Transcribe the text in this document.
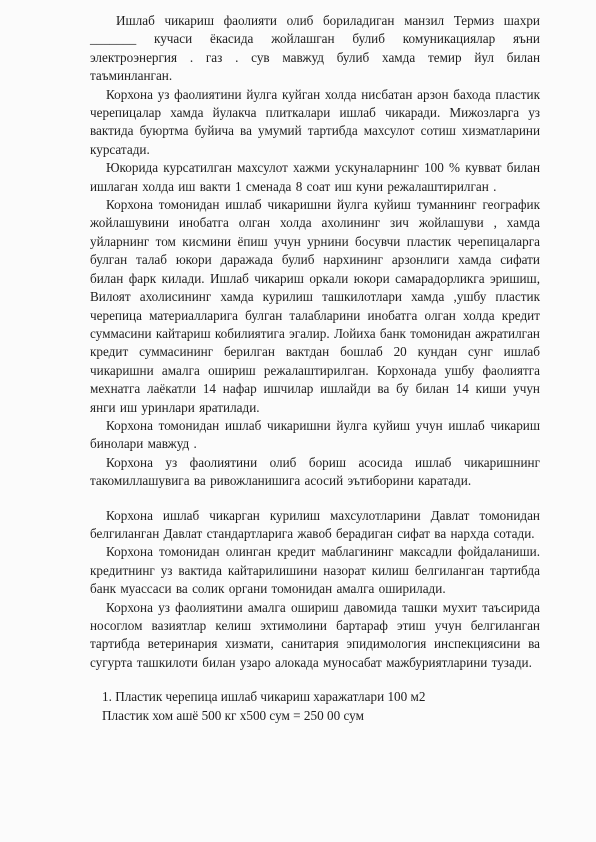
Ишлаб чикариш фаолияти олиб бориладиган манзил Термиз шахри _______ кучаси ёкасида жойлашган булиб комуникациялар яъни электроэнергия . газ . сув мавжуд булиб хамда темир йул билан таъминланган.

Корхона уз фаолиятини йулга куйган холда нисбатан арзон бахода пластик черепицалар хамда йулакча плиткалари ишлаб чикаради. Мижозларга уз вактида буюртма буйича ва умумий тартибда махсулот сотиш хизматларини курсатади.

Юкорида курсатилган махсулот хажми ускуналарнинг 100 % кувват билан ишлаган холда иш вакти 1 сменада 8 соат иш куни режалаштирилган .

Корхона томонидан ишлаб чикаришни йулга куйиш туманнинг географик жойлашувини инобатга олган холда ахолининг зич жойлашуви , хамда уйларнинг том кисмини ёпиш учун урнини босувчи пластик черепицаларга булган талаб юкори даражада булиб нархининг арзонлиги хамда сифати билан фарк килади. Ишлаб чикариш оркали юкори самарадорликга эришиш, Вилоят ахолисининг хамда курилиш ташкилотлари хамда ,ушбу пластик черепица материалларига булган талабларини инобатга олган холда кредит суммасини кайтариш кобилиятига эгалир. Лойиха банк томонидан ажратилган кредит суммасининг берилган вактдан бошлаб 20 кундан сунг ишлаб чикаришни амалга ошириш режалаштирилган. Корхонада ушбу фаолиятга мехнатга лаёкатли 14 нафар ишчилар ишлайди ва бу билан 14 киши учун янги иш уринлари яратилади.

Корхона томонидан ишлаб чикаришни йулга куйиш учун ишлаб чикариш бинолари мавжуд .

Корхона уз фаолиятини олиб бориш асосида ишлаб чикаришнинг такомиллашувига ва ривожланишига асосий эътиборини каратади.

Корхона ишлаб чикарган курилиш махсулотларини Давлат томонидан белгиланган Давлат стандартларига жавоб берадиган сифат ва нархда сотади.

Корхона томонидан олинган кредит маблагининг максадли фойдаланиши. кредитнинг уз вактида кайтарилишини назорат килиш белгиланган тартибда банк муассаси ва солик органи томонидан амалга оширилади.

Корхона уз фаолиятини амалга ошириш давомида ташки мухит таъсирида носоглом вазиятлар келиш эхтимолини бартараф этиш учун белгиланган тартибда ветеринария хизмати, санитария эпидимология инспекциясини ва сугурта ташкилоти билан узаро алокада муносабат мажбуриятларини тузади.

1. Пластик черепица ишлаб чикариш харажатлари 100 м2

Пластик хом ашё 500 кг х500 сум = 250 00 сум
